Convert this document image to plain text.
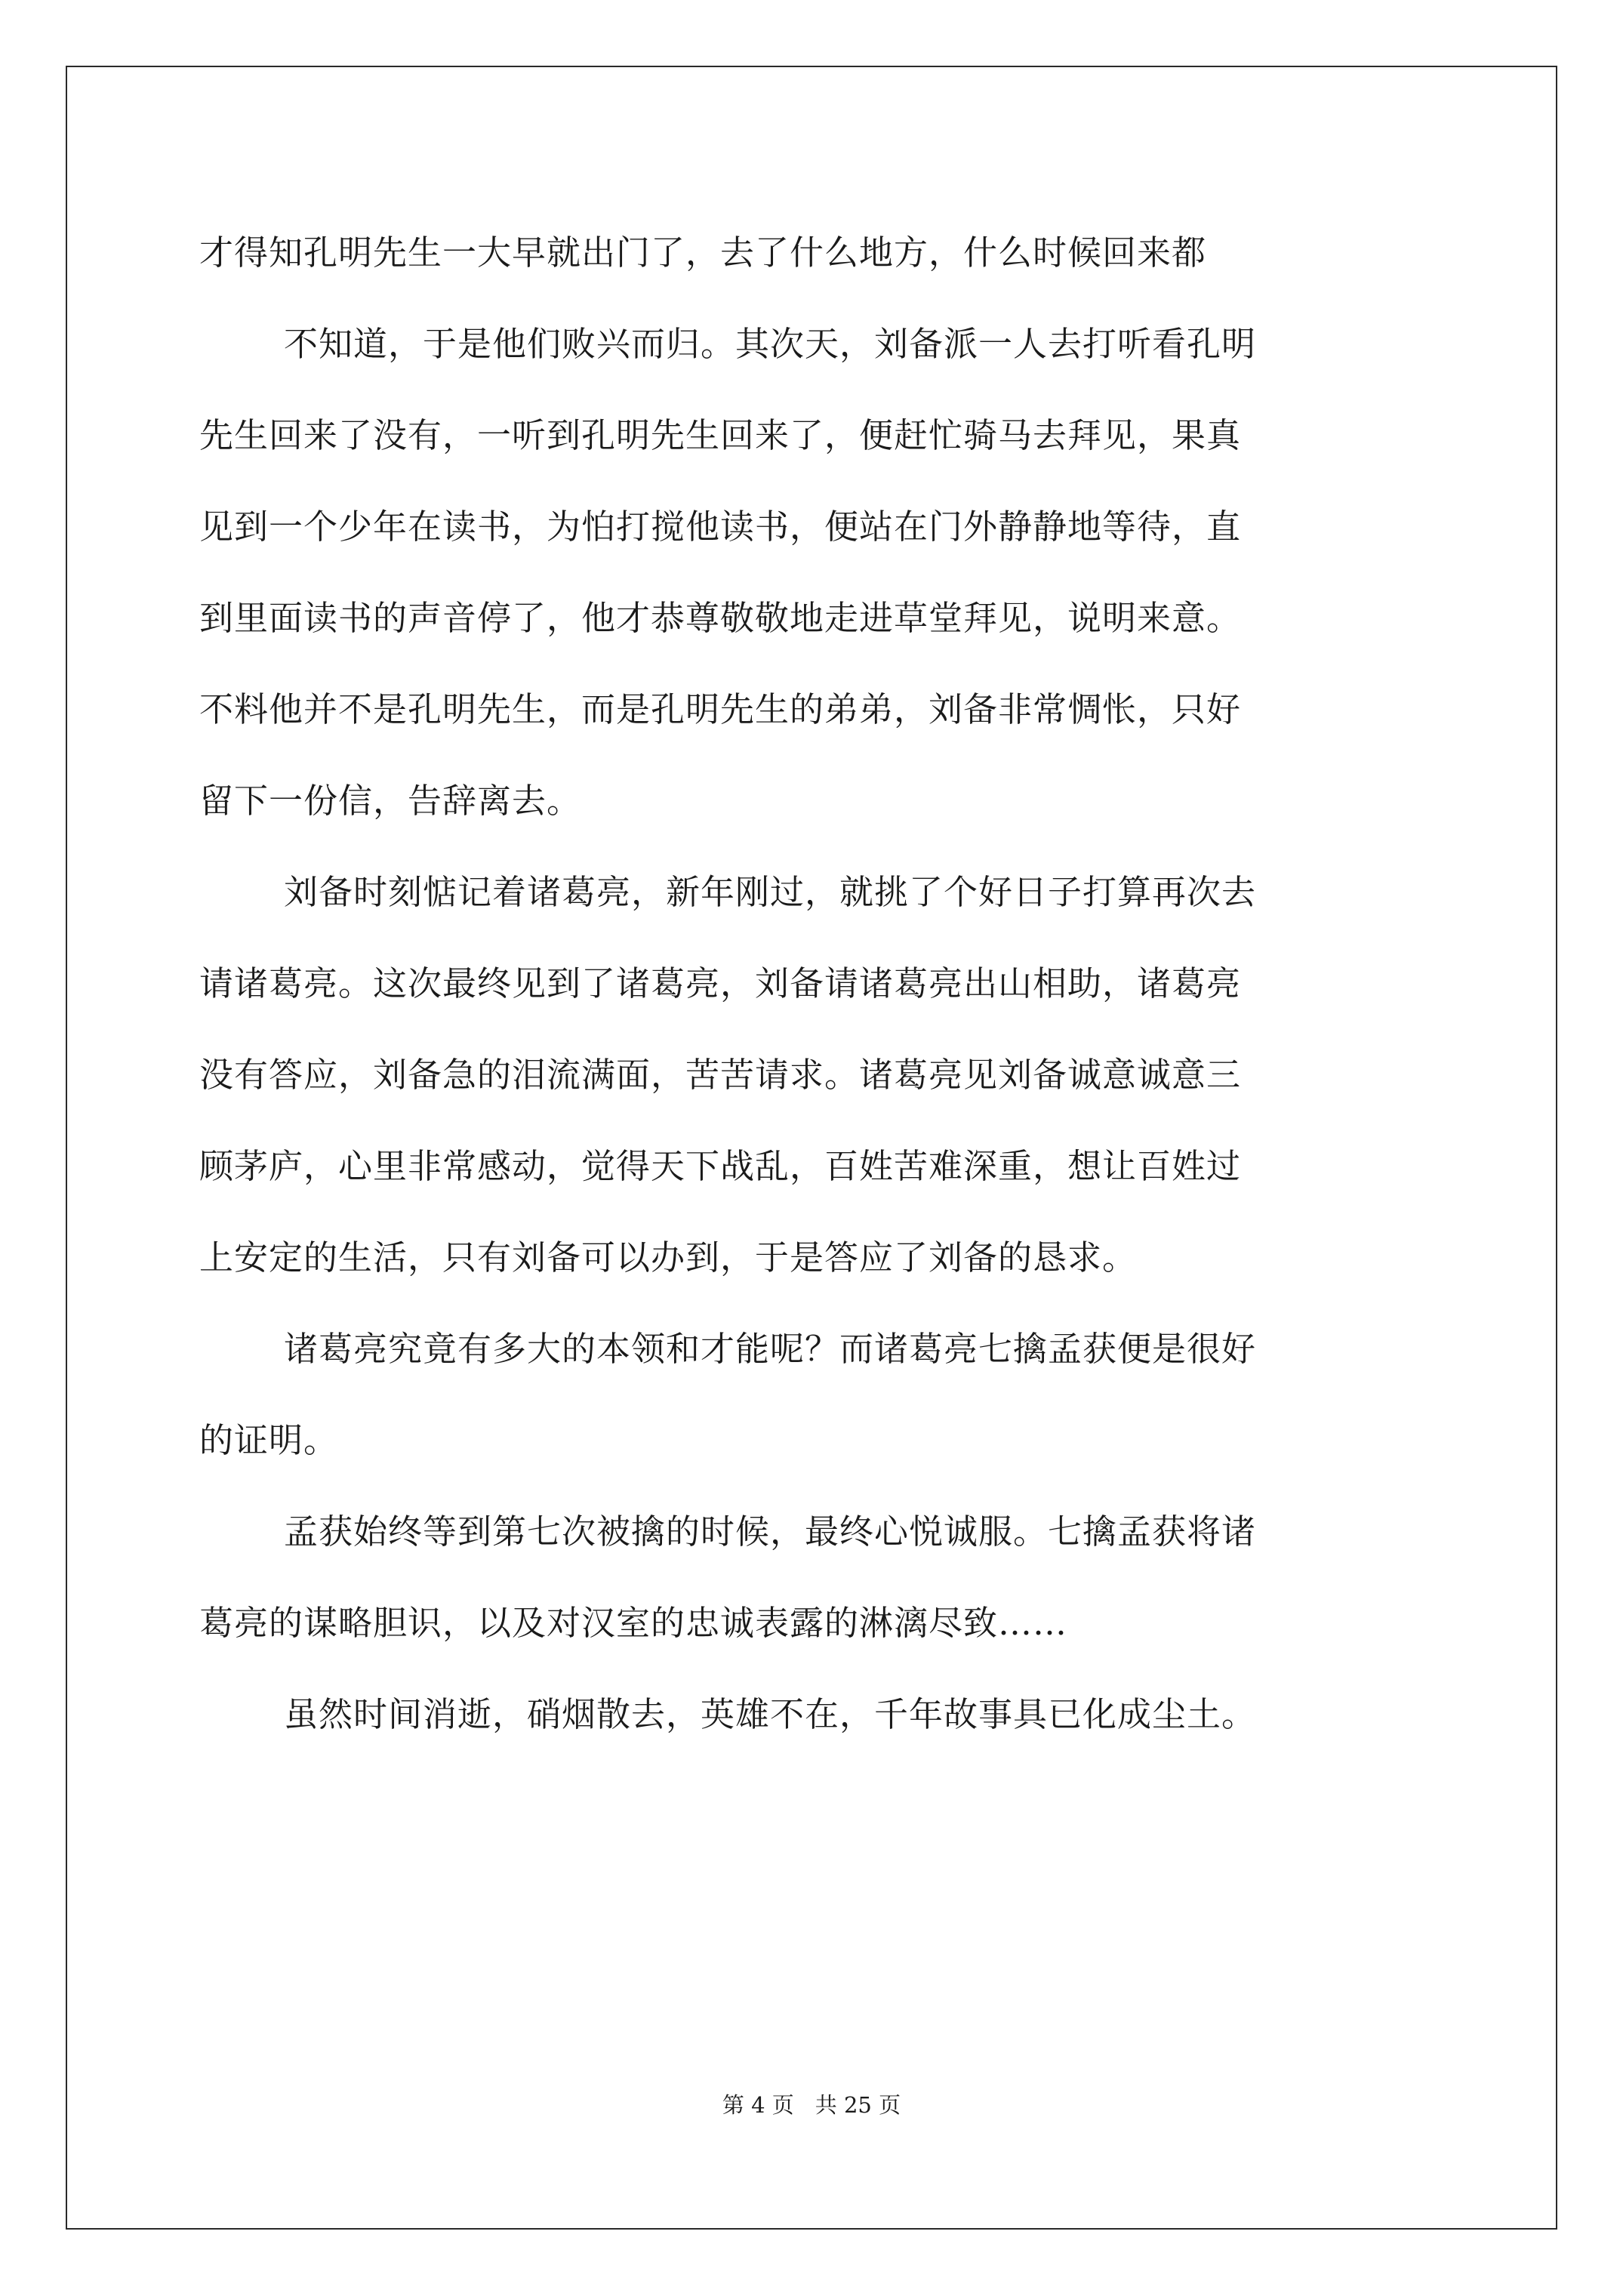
才得知孔明先生一大早就出门了，去了什么地方，什么时候回来都
不知道，于是他们败兴而归。其次天，刘备派一人去打听看孔明
先生回来了没有，一听到孔明先生回来了，便赶忙骑马去拜见，果真
见到一个少年在读书，为怕打搅他读书，便站在门外静静地等待，直
到里面读书的声音停了，他才恭尊敬敬地走进草堂拜见，说明来意。
不料他并不是孔明先生，而是孔明先生的弟弟，刘备非常惆怅，只好
留下一份信，告辞离去。
刘备时刻惦记着诸葛亮，新年刚过，就挑了个好日子打算再次去
请诸葛亮。这次最终见到了诸葛亮，刘备请诸葛亮出山相助，诸葛亮
没有答应，刘备急的泪流满面，苦苦请求。诸葛亮见刘备诚意诚意三
顾茅庐，心里非常感动，觉得天下战乱，百姓苦难深重，想让百姓过
上安定的生活，只有刘备可以办到，于是答应了刘备的恳求。
诸葛亮究竟有多大的本领和才能呢？而诸葛亮七擒孟获便是很好
的证明。
孟获始终等到第七次被擒的时候，最终心悦诚服。七擒孟获将诸
葛亮的谋略胆识，以及对汉室的忠诚表露的淋漓尽致……
虽然时间消逝，硝烟散去，英雄不在，千年故事具已化成尘土。
第 4 页 共 25 页
